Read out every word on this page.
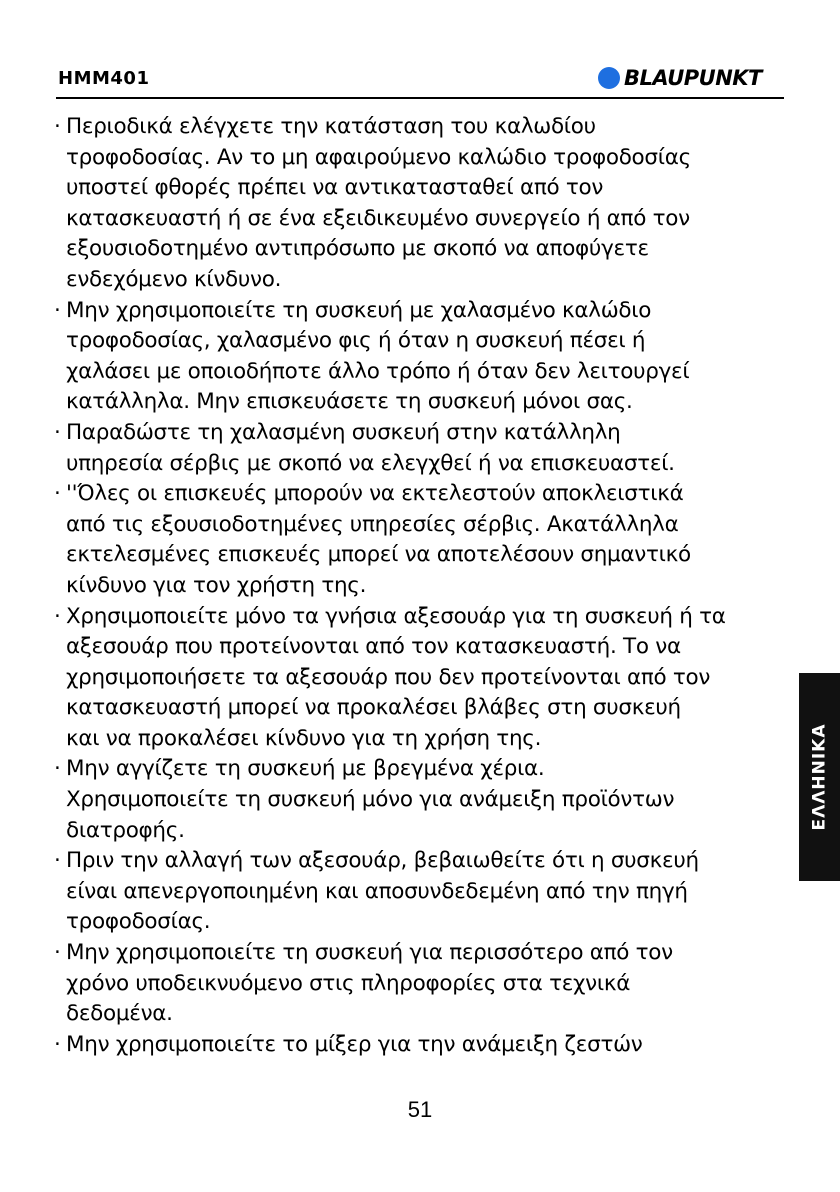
HMM401	BLAUPUNKT
· Περιοδικά ελέγχετε την κατάσταση του καλωδίου
τροφοδοσίας. Αν το μη αφαιρούμενο καλώδιο τροφοδοσίας
υποστεί φθορές πρέπει να αντικατασταθεί από τον
κατασκευαστή ή σε ένα εξειδικευμένο συνεργείο ή από τον
εξουσιοδοτημένο αντιπρόσωπο με σκοπό να αποφύγετε
ενδεχόμενο κίνδυνο.
· Μην χρησιμοποιείτε τη συσκευή με χαλασμένο καλώδιο
τροφοδοσίας, χαλασμένο φις ή όταν η συσκευή πέσει ή
χαλάσει με οποιοδήποτε άλλο τρόπο ή όταν δεν λειτουργεί
κατάλληλα. Μην επισκευάσετε τη συσκευή μόνοι σας.
· Παραδώστε τη χαλασμένη συσκευή στην κατάλληλη
υπηρεσία σέρβις με σκοπό να ελεγχθεί ή να επισκευαστεί.
· ''Όλες οι επισκευές μπορούν να εκτελεστούν αποκλειστικά
από τις εξουσιοδοτημένες υπηρεσίες σέρβις. Ακατάλληλα
εκτελεσμένες επισκευές μπορεί να αποτελέσουν σημαντικό
κίνδυνο για τον χρήστη της.
· Χρησιμοποιείτε μόνο τα γνήσια αξεσουάρ για τη συσκευή ή τα
αξεσουάρ που προτείνονται από τον κατασκευαστή. Το να
χρησιμοποιήσετε τα αξεσουάρ που δεν προτείνονται από τον
κατασκευαστή μπορεί να προκαλέσει βλάβες στη συσκευή
και να προκαλέσει κίνδυνο για τη χρήση της.
· Μην αγγίζετε τη συσκευή με βρεγμένα χέρια.
Χρησιμοποιείτε τη συσκευή μόνο για ανάμειξη προϊόντων
διατροφής.
· Πριν την αλλαγή των αξεσουάρ, βεβαιωθείτε ότι η συσκευή
είναι απενεργοποιημένη και αποσυνδεδεμένη από την πηγή
τροφοδοσίας.
· Μην χρησιμοποιείτε τη συσκευή για περισσότερο από τον
χρόνο υποδεικνυόμενο στις πληροφορίες στα τεχνικά
δεδομένα.
· Μην χρησιμοποιείτε το μίξερ για την ανάμειξη ζεστών
ΕΛΛΗΝΙΚΑ
51
